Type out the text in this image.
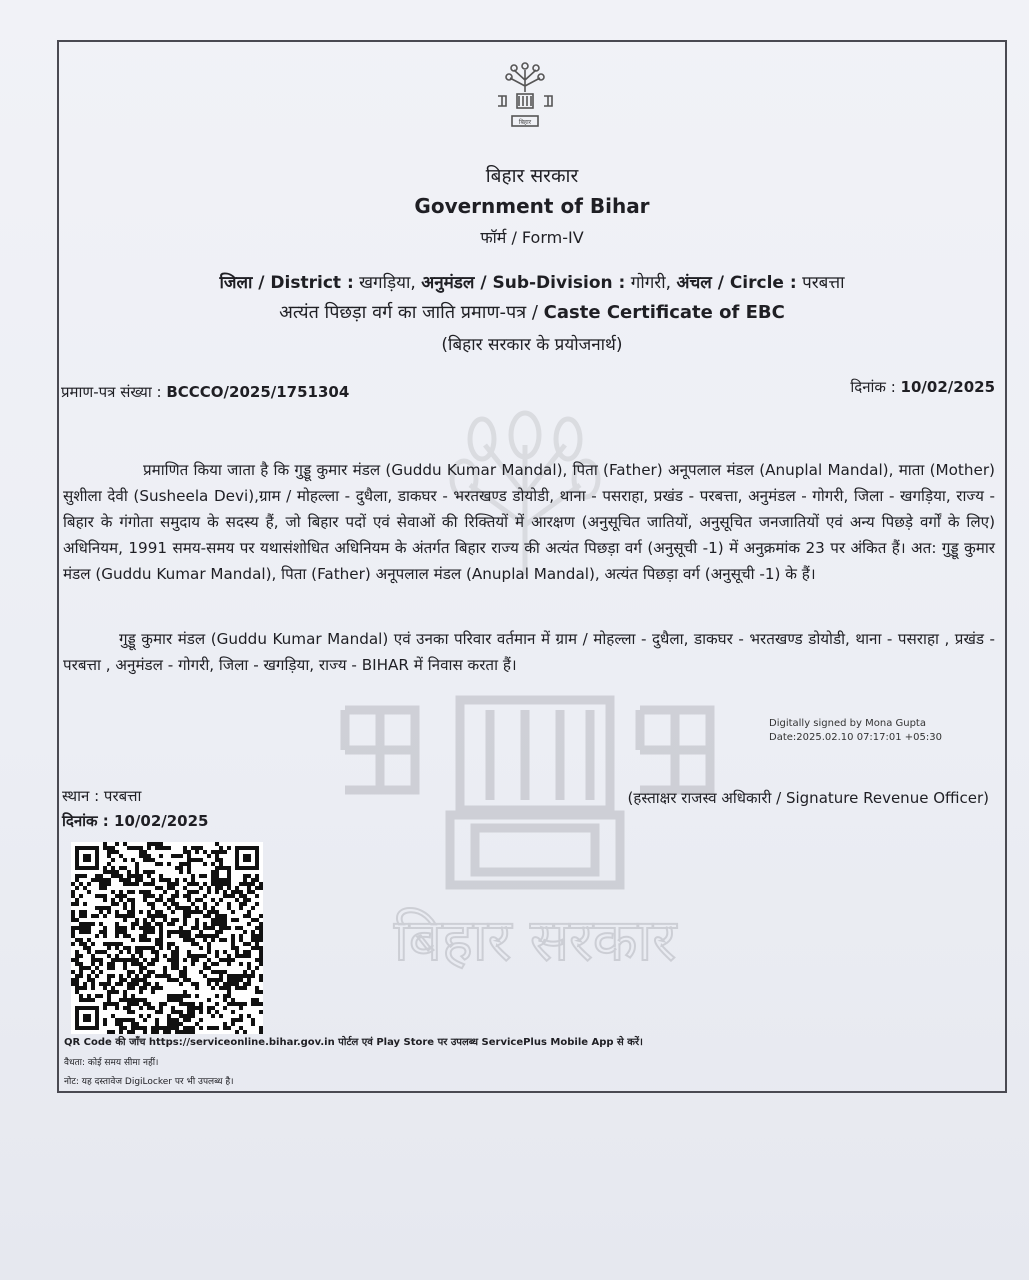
बिहार
बिहार सरकार
बिहार सरकार
Government of Bihar
फॉर्म / Form-IV
जिला / District : खगड़िया, अनुमंडल / Sub-Division : गोगरी, अंचल / Circle : परबत्ता
अत्यंत पिछड़ा वर्ग का जाति प्रमाण-पत्र / Caste Certificate of EBC
(बिहार सरकार के प्रयोजनार्थ)
प्रमाण-पत्र संख्या : BCCCO/2025/1751304	दिनांक : 10/02/2025
प्रमाणित किया जाता है कि गुड्डू कुमार मंडल (Guddu Kumar Mandal), पिता (Father) अनूपलाल मंडल (Anuplal Mandal), माता (Mother) सुशीला देवी (Susheela Devi),ग्राम / मोहल्ला - दुधैला, डाकघर - भरतखण्ड डोयोडी, थाना - पसराहा, प्रखंड - परबत्ता, अनुमंडल - गोगरी, जिला - खगड़िया, राज्य - बिहार के गंगोता समुदाय के सदस्य हैं, जो बिहार पदों एवं सेवाओं की रिक्तियों में आरक्षण (अनुसूचित जातियों, अनुसूचित जनजातियों एवं अन्य पिछड़े वर्गों के लिए) अधिनियम, 1991 समय-समय पर यथासंशोधित अधिनियम के अंतर्गत बिहार राज्य की अत्यंत पिछड़ा वर्ग (अनुसूची -1) में अनुक्रमांक 23 पर अंकित हैं। अत: गुड्डू कुमार मंडल (Guddu Kumar Mandal), पिता (Father) अनूपलाल मंडल (Anuplal Mandal), अत्यंत पिछड़ा वर्ग (अनुसूची -1) के हैं।
गुड्डू कुमार मंडल (Guddu Kumar Mandal) एवं उनका परिवार वर्तमान में ग्राम / मोहल्ला - दुधैला, डाकघर - भरतखण्ड डोयोडी, थाना - पसराहा , प्रखंड - परबत्ता , अनुमंडल - गोगरी, जिला - खगड़िया, राज्य - BIHAR में निवास करता हैं।
Digitally signed by Mona Gupta
Date:2025.02.10 07:17:01 +05:30
(हस्ताक्षर राजस्व अधिकारी / Signature Revenue Officer)
स्थान : परबत्ता
दिनांक : 10/02/2025
QR Code की जाँच https://serviceonline.bihar.gov.in पोर्टल एवं Play Store पर उपलब्ध ServicePlus Mobile App से करें।
वैधता: कोई समय सीमा नहीं।
नोट: यह दस्तावेज DigiLocker पर भी उपलब्ध है।
